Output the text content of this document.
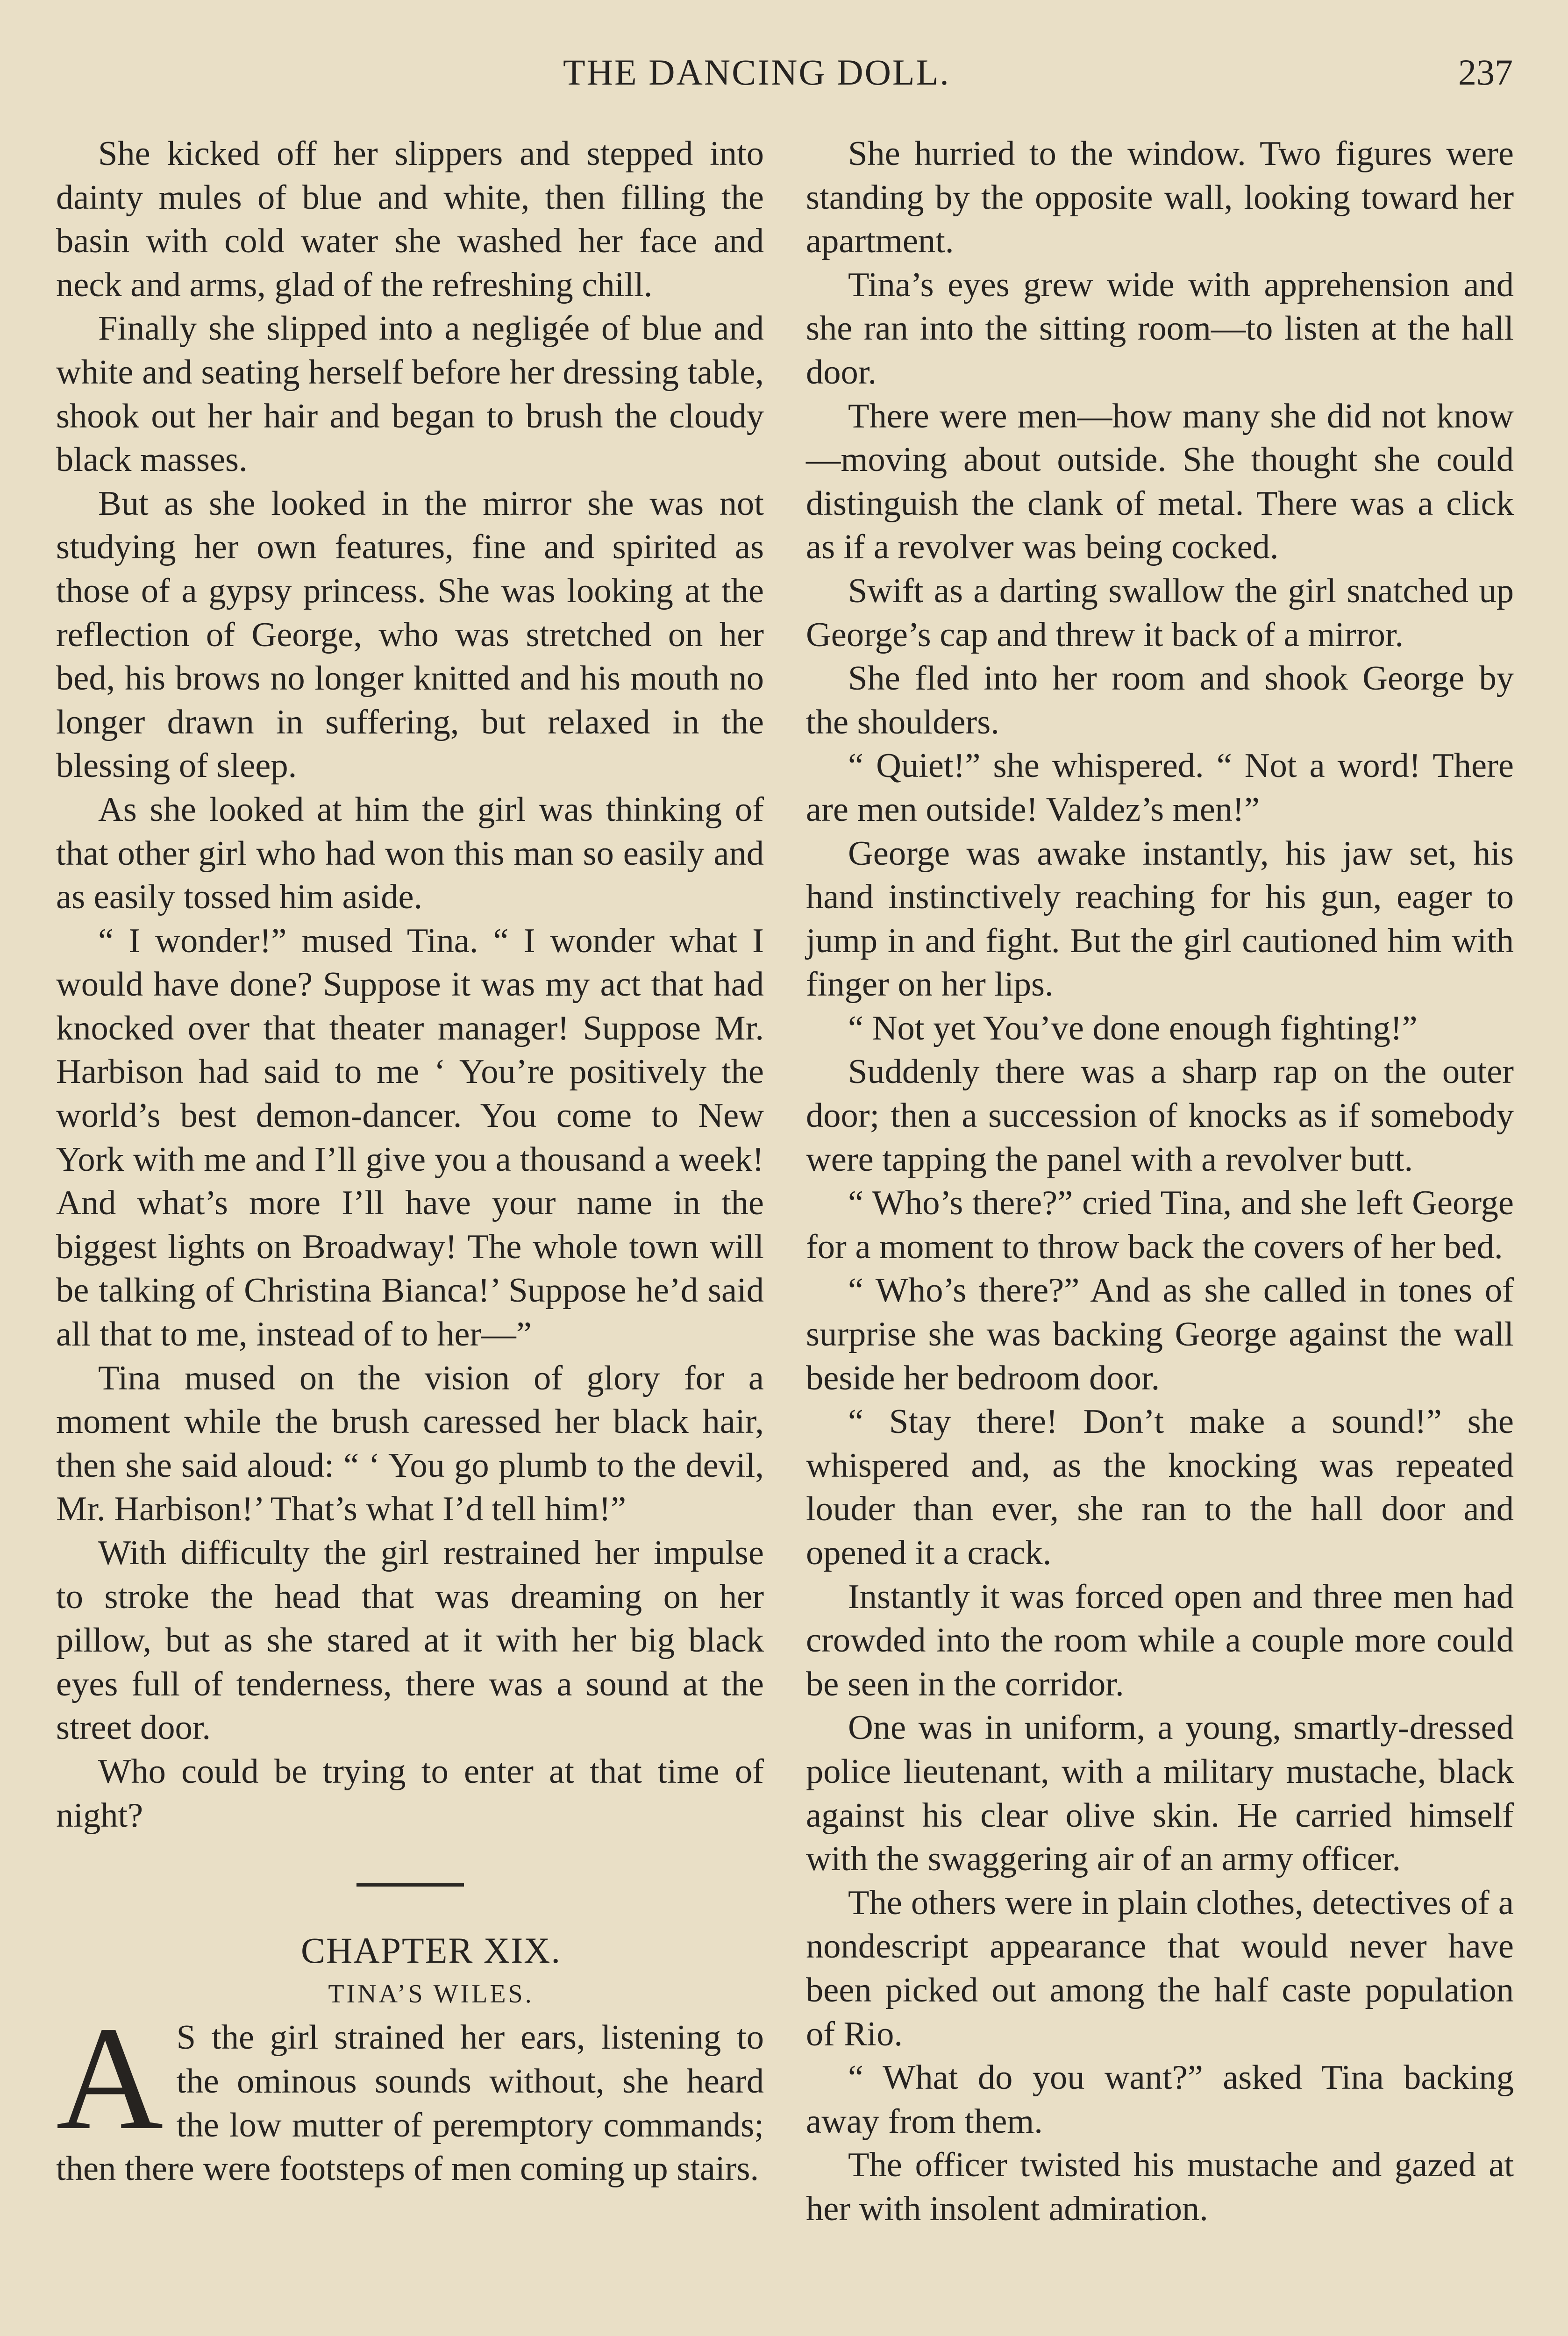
THE DANCING DOLL.	237

She kicked off her slippers and stepped into dainty mules of blue and white, then filling the basin with cold water she washed her face and neck and arms, glad of the refreshing chill.

Finally she slipped into a negligée of blue and white and seating herself before her dressing table, shook out her hair and began to brush the cloudy black masses.

But as she looked in the mirror she was not studying her own features, fine and spirited as those of a gypsy princess. She was looking at the reflection of George, who was stretched on her bed, his brows no longer knitted and his mouth no longer drawn in suffering, but relaxed in the blessing of sleep.

As she looked at him the girl was thinking of that other girl who had won this man so easily and as easily tossed him aside.

“ I wonder!” mused Tina. “ I wonder what I would have done? Suppose it was my act that had knocked over that theater manager! Suppose Mr. Harbison had said to me ‘ You’re positively the world’s best demon-dancer. You come to New York with me and I’ll give you a thousand a week! And what’s more I’ll have your name in the biggest lights on Broadway! The whole town will be talking of Christina Bianca!’ Suppose he’d said all that to me, instead of to her—”

Tina mused on the vision of glory for a moment while the brush caressed her black hair, then she said aloud: “ ‘ You go plumb to the devil, Mr. Harbison!’ That’s what I’d tell him!”

With difficulty the girl restrained her impulse to stroke the head that was dreaming on her pillow, but as she stared at it with her big black eyes full of tenderness, there was a sound at the street door.

Who could be trying to enter at that time of night?

CHAPTER XIX.

TINA’S WILES.

A S the girl strained her ears, listening to the ominous sounds without, she heard the low mutter of peremptory commands; then there were footsteps of men coming up stairs.

She hurried to the window. Two figures were standing by the opposite wall, looking toward her apartment.

Tina’s eyes grew wide with apprehension and she ran into the sitting room—to listen at the hall door.

There were men—how many she did not know—moving about outside. She thought she could distinguish the clank of metal. There was a click as if a revolver was being cocked.

Swift as a darting swallow the girl snatched up George’s cap and threw it back of a mirror.

She fled into her room and shook George by the shoulders.

“ Quiet!” she whispered. “ Not a word! There are men outside! Valdez’s men!”

George was awake instantly, his jaw set, his hand instinctively reaching for his gun, eager to jump in and fight. But the girl cautioned him with finger on her lips.

“ Not yet You’ve done enough fighting!”

Suddenly there was a sharp rap on the outer door; then a succession of knocks as if somebody were tapping the panel with a revolver butt.

“ Who’s there?” cried Tina, and she left George for a moment to throw back the covers of her bed.

“ Who’s there?” And as she called in tones of surprise she was backing George against the wall beside her bedroom door.

“ Stay there! Don’t make a sound!” she whispered and, as the knocking was repeated louder than ever, she ran to the hall door and opened it a crack.

Instantly it was forced open and three men had crowded into the room while a couple more could be seen in the corridor.

One was in uniform, a young, smartly-dressed police lieutenant, with a military mustache, black against his clear olive skin. He carried himself with the swaggering air of an army officer.

The others were in plain clothes, detectives of a nondescript appearance that would never have been picked out among the half caste population of Rio.

“ What do you want?” asked Tina backing away from them.

The officer twisted his mustache and gazed at her with insolent admiration.
